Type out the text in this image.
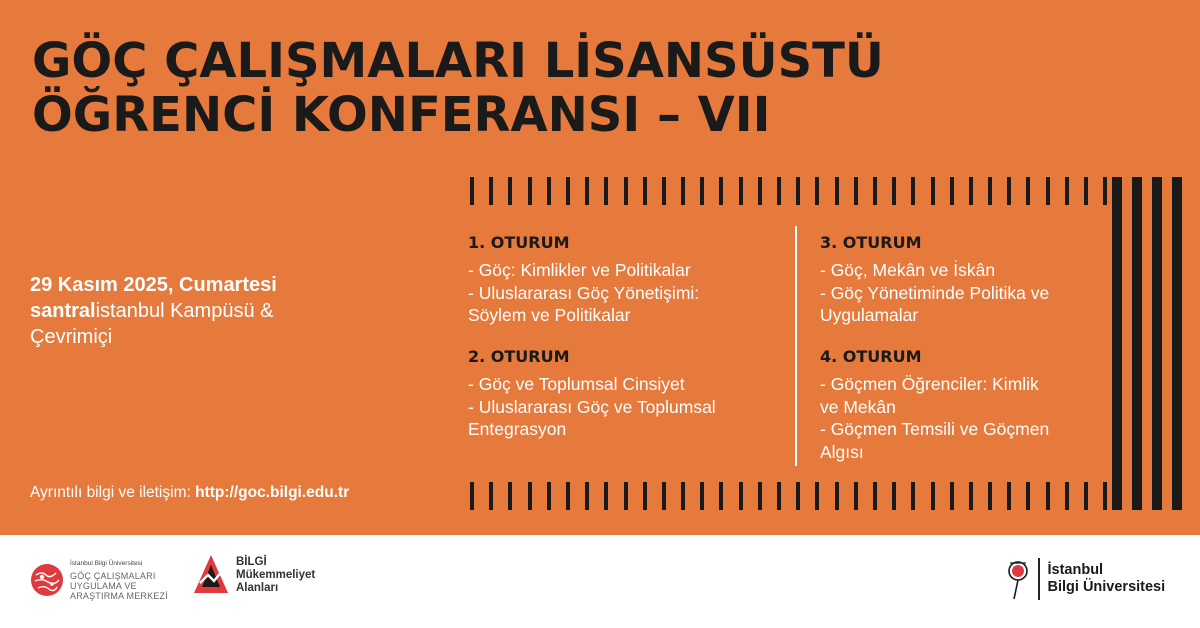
GÖÇ ÇALIŞMALARI LİSANSÜSTÜ
ÖĞRENCİ KONFERANSI – VII
29 Kasım 2025, Cumartesi
santralistanbul Kampüsü &
Çevrimiçi
Ayrıntılı bilgi ve iletişim: http://goc.bilgi.edu.tr
1. OTURUM

- Göç: Kimlikler ve Politikalar

- Uluslararası Göç Yönetişimi:

Söylem ve Politikalar

2. OTURUM

- Göç ve Toplumsal Cinsiyet

- Uluslararası Göç ve Toplumsal

Entegrasyon

3. OTURUM

- Göç, Mekân ve İskân

- Göç Yönetiminde Politika ve

Uygulamalar

4. OTURUM

- Göçmen Öğrenciler: Kimlik

ve Mekân

- Göçmen Temsili ve Göçmen

Algısı

İstanbul Bilgi Üniversitesi
GÖÇ ÇALIŞMALARI
UYGULAMA VE
ARAŞTIRMA MERKEZİ
BİLGİ
Mükemmeliyet
Alanları
İstanbul
Bilgi Üniversitesi
